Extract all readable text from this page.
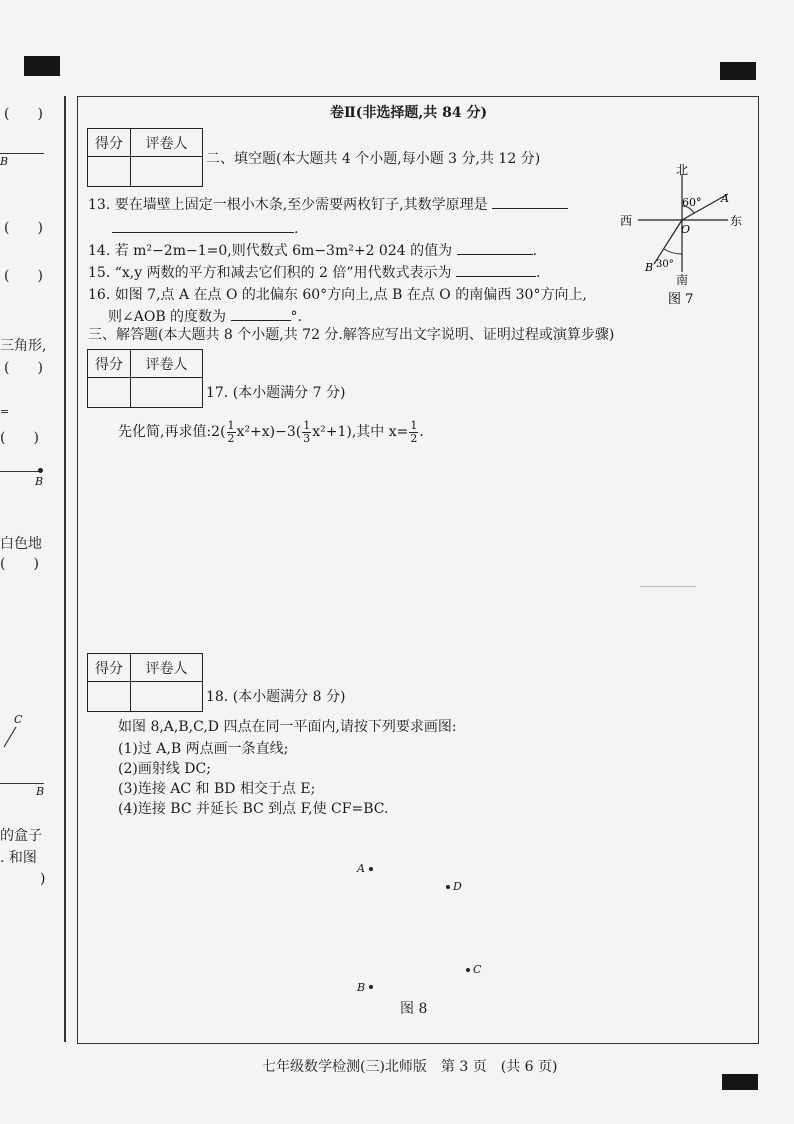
(　　)
B
(　　)
(　　)
三角形,
(　　)
=
(　　)
B
白色地
(　　)
C
B
的盒子
. 和图
)
卷Ⅱ(非选择题,共 84 分)
得分	评卷人

二、填空题(本大题共 4 个小题,每小题 3 分,共 12 分)
13. 要在墙壁上固定一根小木条,至少需要两枚钉子,其数学原理是
.
14. 若 m²−2m−1=0,则代数式 6m−3m²+2 024 的值为	.
15. “x,y 两数的平方和减去它们积的 2 倍”用代数式表示为	.
16. 如图 7,点 A 在点 O 的北偏东 60°方向上,点 B 在点 O 的南偏西 30°方向上,
则∠AOB 的度数为	°.
北
南
东
西
A
B
O
60°
30°
图 7
三、解答题(本大题共 8 个小题,共 72 分.解答应写出文字说明、证明过程或演算步骤)
得分	评卷人

17. (本小题满分 7 分)
先化简,再求值:2( $\frac{1}{2} x^2+x)-3( \frac{1}{3} x^2+1)$,其中 $x= \frac{1}{2}$ .
得分	评卷人

18. (本小题满分 8 分)
如图 8,A,B,C,D 四点在同一平面内,请按下列要求画图:
(1)过 A,B 两点画一条直线;
(2)画射线 DC;
(3)连接 AC 和 BD 相交于点 E;
(4)连接 BC 并延长 BC 到点 F,使 CF=BC.
A
D
C
B
图 8
七年级数学检测(三)北师版　第 3 页　(共 6 页)
